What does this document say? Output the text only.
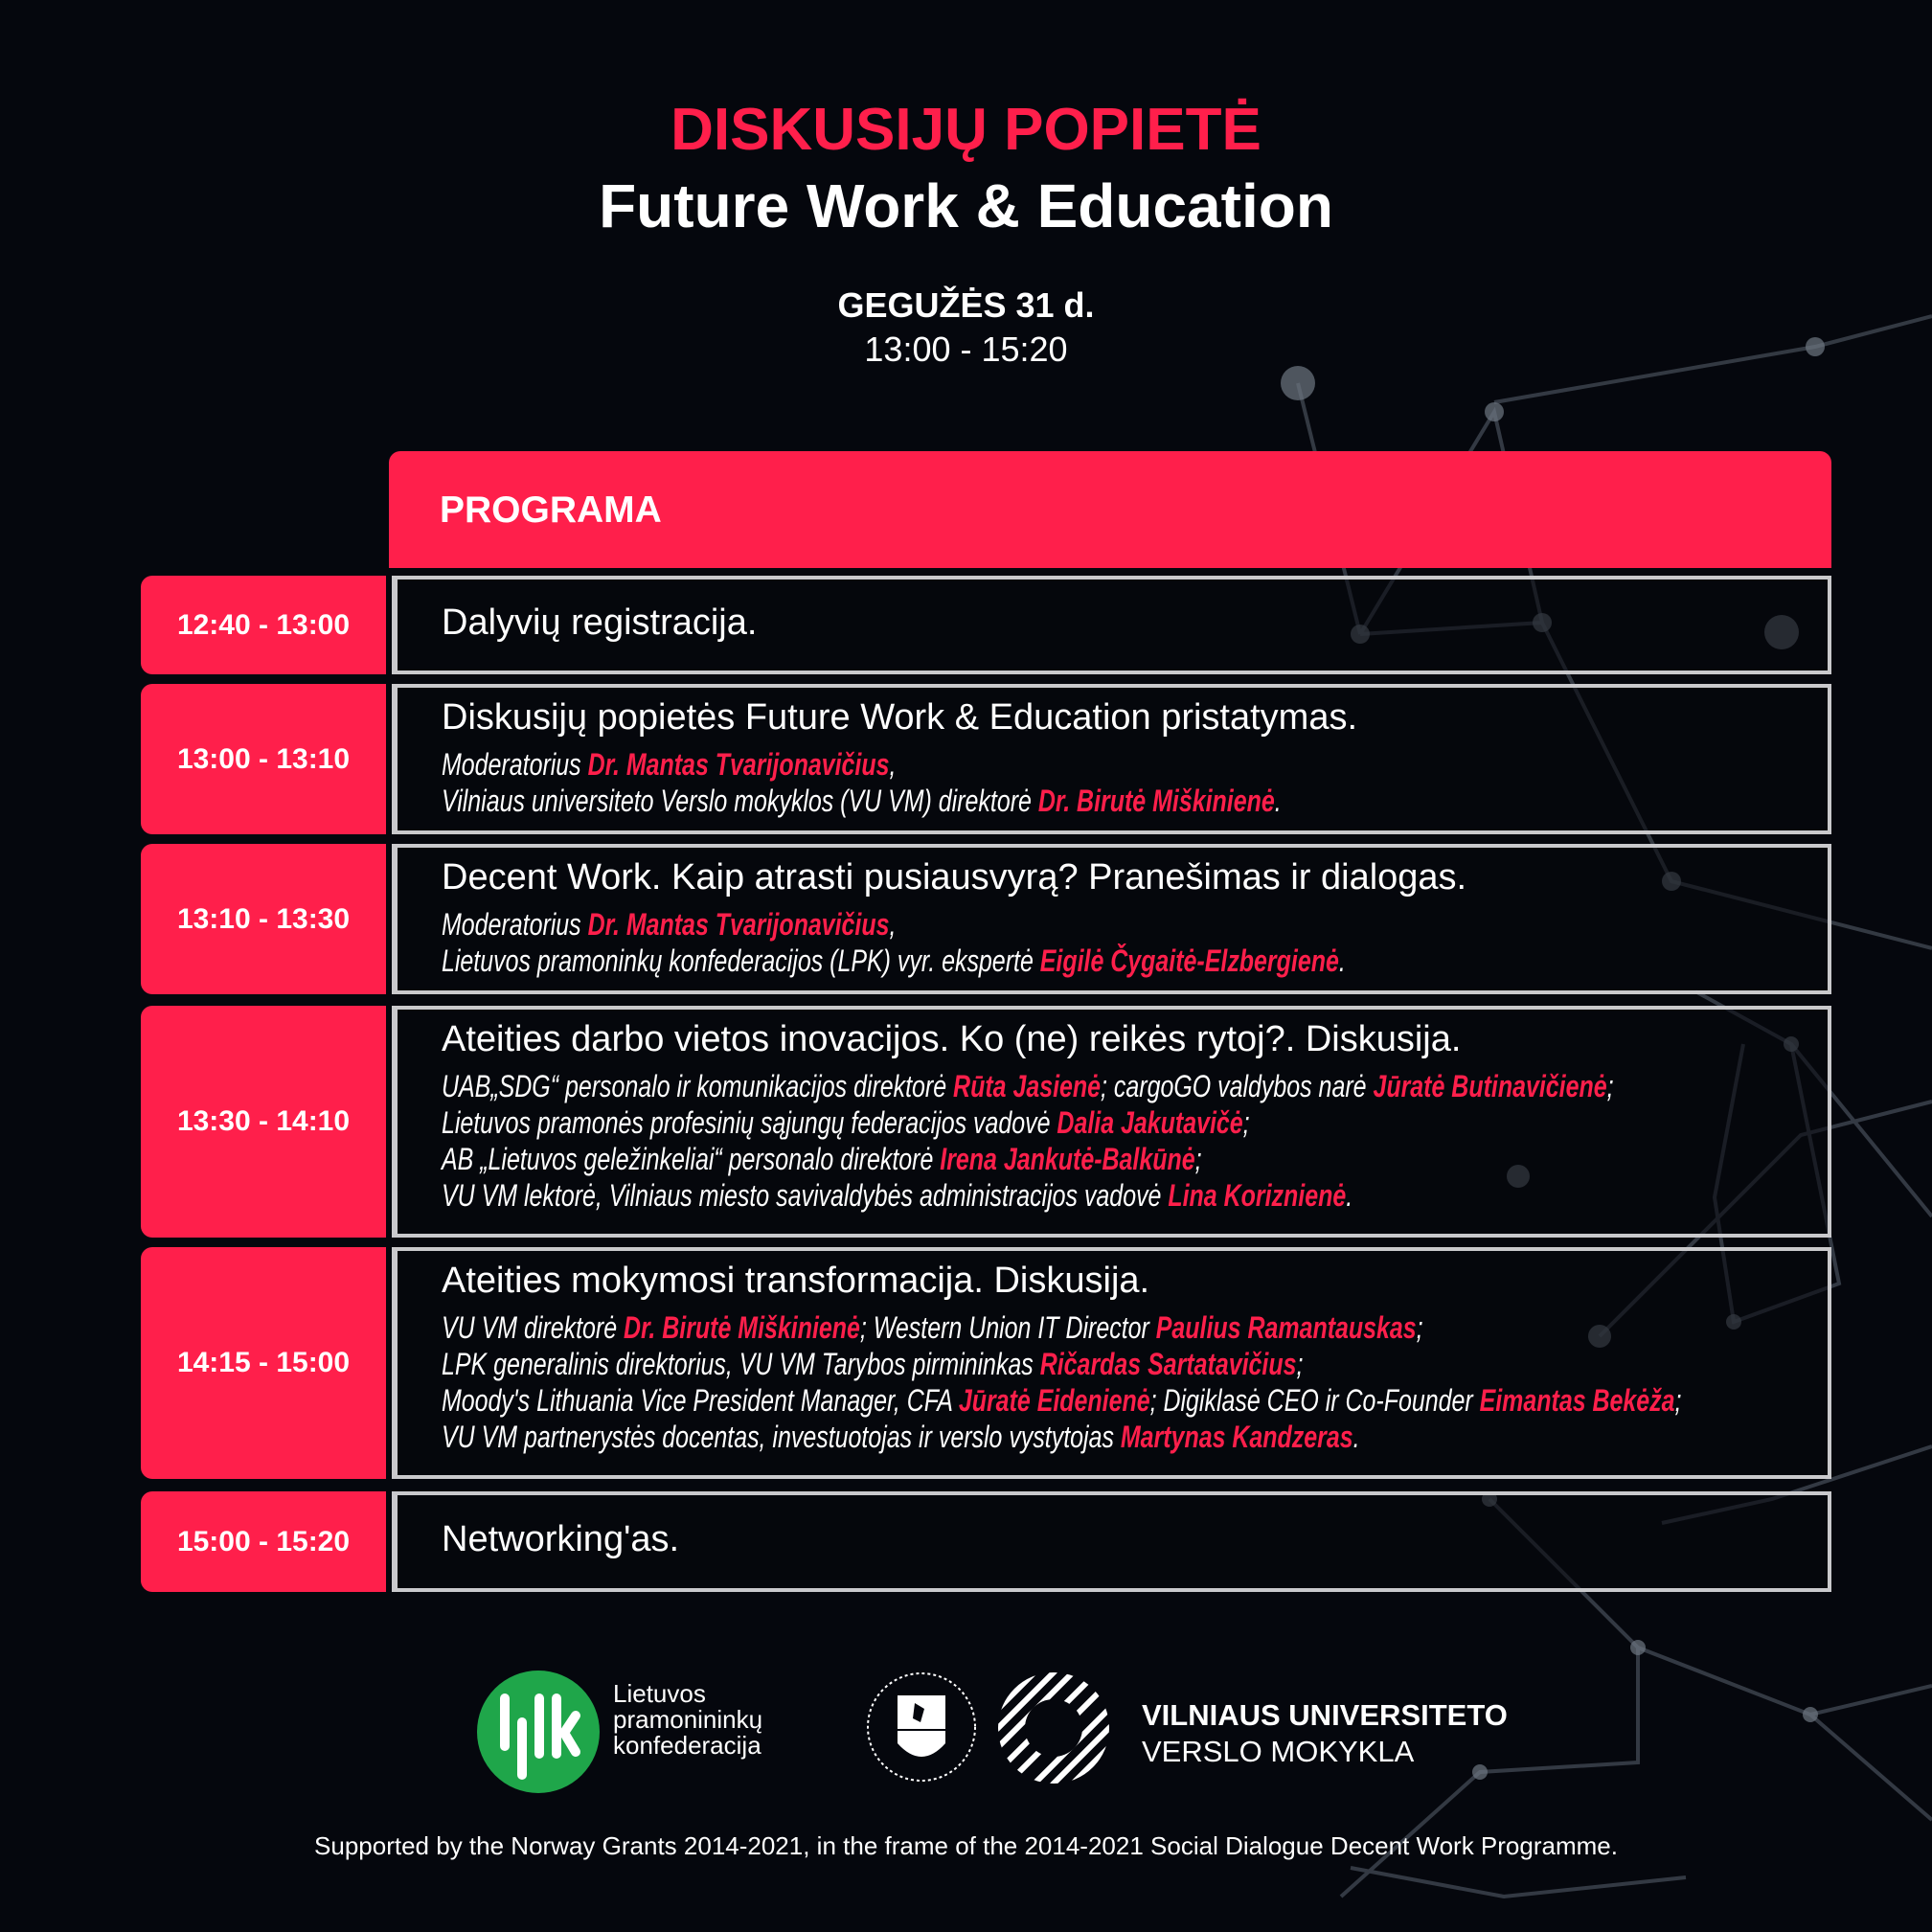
DISKUSIJŲ POPIETĖ
Future Work & Education
GEGUŽĖS 31 d.
13:00 - 15:20
PROGRAMA
12:40 - 13:00	Dalyvių registracija.
13:00 - 13:10
Diskusijų popietės Future Work & Education pristatymas.
Moderatorius Dr. Mantas Tvarijonavičius,
Vilniaus universiteto Verslo mokyklos (VU VM) direktorė Dr. Birutė Miškinienė.
13:10 - 13:30
Decent Work. Kaip atrasti pusiausvyrą? Pranešimas ir dialogas.
Moderatorius Dr. Mantas Tvarijonavičius,
Lietuvos pramoninkų konfederacijos (LPK) vyr. ekspertė Eigilė Čygaitė-Elzbergienė.
13:30 - 14:10
Ateities darbo vietos inovacijos. Ko (ne) reikės rytoj?. Diskusija.
UAB„SDG“ personalo ir komunikacijos direktorė Rūta Jasienė; cargoGO valdybos narė Jūratė Butinavičienė;
Lietuvos pramonės profesinių sąjungų federacijos vadovė Dalia Jakutavičė;
AB „Lietuvos geležinkeliai“ personalo direktorė Irena Jankutė-Balkūnė;
VU VM lektorė, Vilniaus miesto savivaldybės administracijos vadovė Lina Koriznienė.
14:15 - 15:00
Ateities mokymosi transformacija. Diskusija.
VU VM direktorė Dr. Birutė Miškinienė; Western Union IT Director Paulius Ramantauskas;
LPK generalinis direktorius, VU VM Tarybos pirmininkas Ričardas Sartatavičius;
Moody's Lithuania Vice President Manager, CFA Jūratė Eidenienė; Digiklasė CEO ir Co-Founder Eimantas Bekėža;
VU VM partnerystės docentas, investuotojas ir verslo vystytojas Martynas Kandzeras.
15:00 - 15:20	Networking'as.
Lietuvos
pramonininkų
konfederacija
VILNIAUS UNIVERSITETO
VERSLO MOKYKLA
Supported by the Norway Grants 2014-2021, in the frame of the 2014-2021 Social Dialogue Decent Work Programme.
